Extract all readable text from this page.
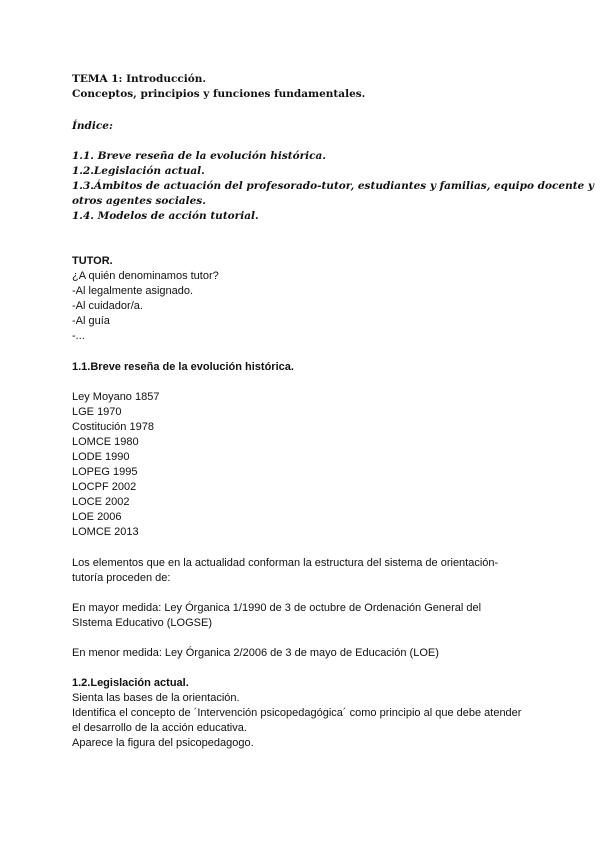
TEMA 1: Introducción.
Conceptos, principios y funciones fundamentales.
Índice:
1.1. Breve reseña de la evolución histórica.
1.2.Legislación actual.
1.3.Ámbitos de actuación del profesorado-tutor, estudiantes y familias, equipo docente y
otros agentes sociales.
1.4. Modelos de acción tutorial.
TUTOR.
¿A quién denominamos tutor?
-Al legalmente asignado.
-Al cuidador/a.
-Al guía
-...
1.1.Breve reseña de la evolución histórica.
Ley Moyano 1857
LGE 1970
Costitución 1978
LOMCE 1980
LODE 1990
LOPEG 1995
LOCPF 2002
LOCE 2002
LOE 2006
LOMCE 2013
Los elementos que en la actualidad conforman la estructura del sistema de orientación-
tutoría proceden de:
En mayor medida: Ley Órganica 1/1990 de 3 de octubre de Ordenación General del
SIstema Educativo (LOGSE)
En menor medida: Ley Órganica 2/2006 de 3 de mayo de Educación (LOE)
1.2.Legislación actual.
Sienta las bases de la orientación.
Identifica el concepto de ´Intervención psicopedagógica´ como principio al que debe atender
el desarrollo de la acción educativa.
Aparece la figura del psicopedagogo.
